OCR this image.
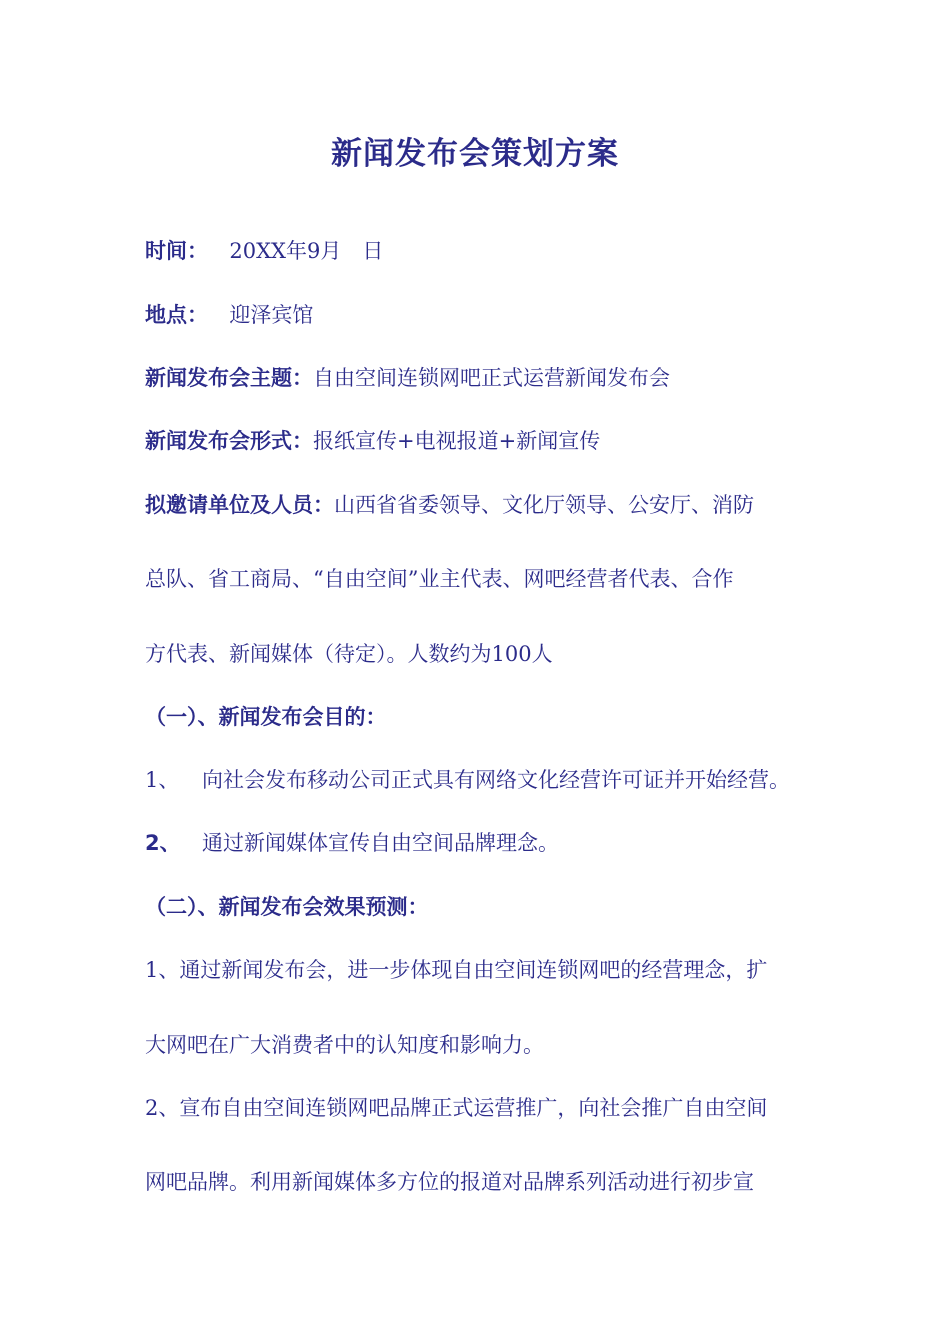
新闻发布会策划方案
时间： 20XX年9月　日
地点： 迎泽宾馆
新闻发布会主题：自由空间连锁网吧正式运营新闻发布会
新闻发布会形式：报纸宣传+电视报道+新闻宣传
拟邀请单位及人员：山西省省委领导、文化厅领导、公安厅、消防
总队、省工商局、“自由空间”业主代表、网吧经营者代表、合作
方代表、新闻媒体（待定）。人数约为100人
（一）、新闻发布会目的：
1、 向社会发布移动公司正式具有网络文化经营许可证并开始经营。
2、 通过新闻媒体宣传自由空间品牌理念。
（二）、新闻发布会效果预测：
1、通过新闻发布会，进一步体现自由空间连锁网吧的经营理念，扩
大网吧在广大消费者中的认知度和影响力。
2、宣布自由空间连锁网吧品牌正式运营推广，向社会推广自由空间
网吧品牌。利用新闻媒体多方位的报道对品牌系列活动进行初步宣
